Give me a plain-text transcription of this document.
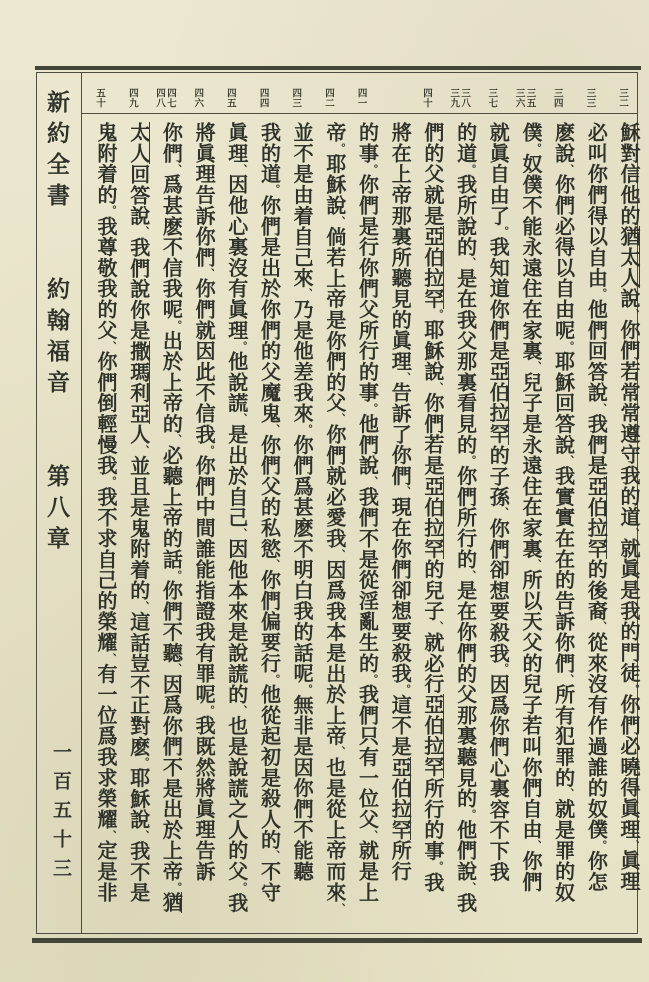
新約全書 約翰福音 第八章
一百五十三
三二
三三
三四
三五三六
三七
三八三九
四十
四一
四二
四三
四四
四五
四六
四七四八
四九
五十
穌對信他的猶太人說、你們若常常遵守我的道、就眞是我的門徒。你們必曉得眞理、眞理
必叫你們得以自由。他們回答說、我們是亞伯拉罕的後裔、從來沒有作過誰的奴僕。你怎
麽說、你們必得以自由呢。耶穌回答說、我實實在在的告訴你們、所有犯罪的、就是罪的奴
僕。奴僕不能永遠住在家裏、兒子是永遠住在家裏、所以天父的兒子若叫你們自由、你們
就眞自由了。我知道你們是亞伯拉罕的子孫、你們卻想要殺我。因爲你們心裏容不下我
的道。我所說的、是在我父那裏看見的。你們所行的、是在你們的父那裏聽見的。他們說、我
們的父就是亞伯拉罕。耶穌說、你們若是亞伯拉罕的兒子、就必行亞伯拉罕所行的事。我
將在上帝那裏所聽見的眞理、告訴了你們、現在你們卻想要殺我。這不是亞伯拉罕所行
的事。你們是行你們父所行的事。他們說、我們不是從淫亂生的。我們只有一位父、就是上
帝。耶穌說、倘若上帝是你們的父、你們就必愛我、因爲我本是出於上帝、也是從上帝而來、
並不是由着自己來、乃是他差我來。你們爲甚麽不明白我的話呢。無非是因你們不能聽
我的道。你們是出於你們的父魔鬼、你們父的私慾、你們偏要行。他從起初是殺人的、不守
眞理、因他心裏沒有眞理。他說謊、是出於自己、因他本來是說謊的、也是說謊之人的父。我
將眞理告訴你們、你們就因此不信我。你們中間誰能指證我有罪呢。我既然將眞理告訴
你們、爲甚麽不信我呢。出於上帝的、必聽上帝的話。你們不聽、因爲你們不是出於上帝。猶
太人回答說、我們說你是撒瑪利亞人、並且是鬼附着的、這話豈不正對麽。耶穌說、我不是
鬼附着的。我尊敬我的父、你們倒輕慢我。我不求自己的榮耀、有一位爲我求榮耀、定是非
